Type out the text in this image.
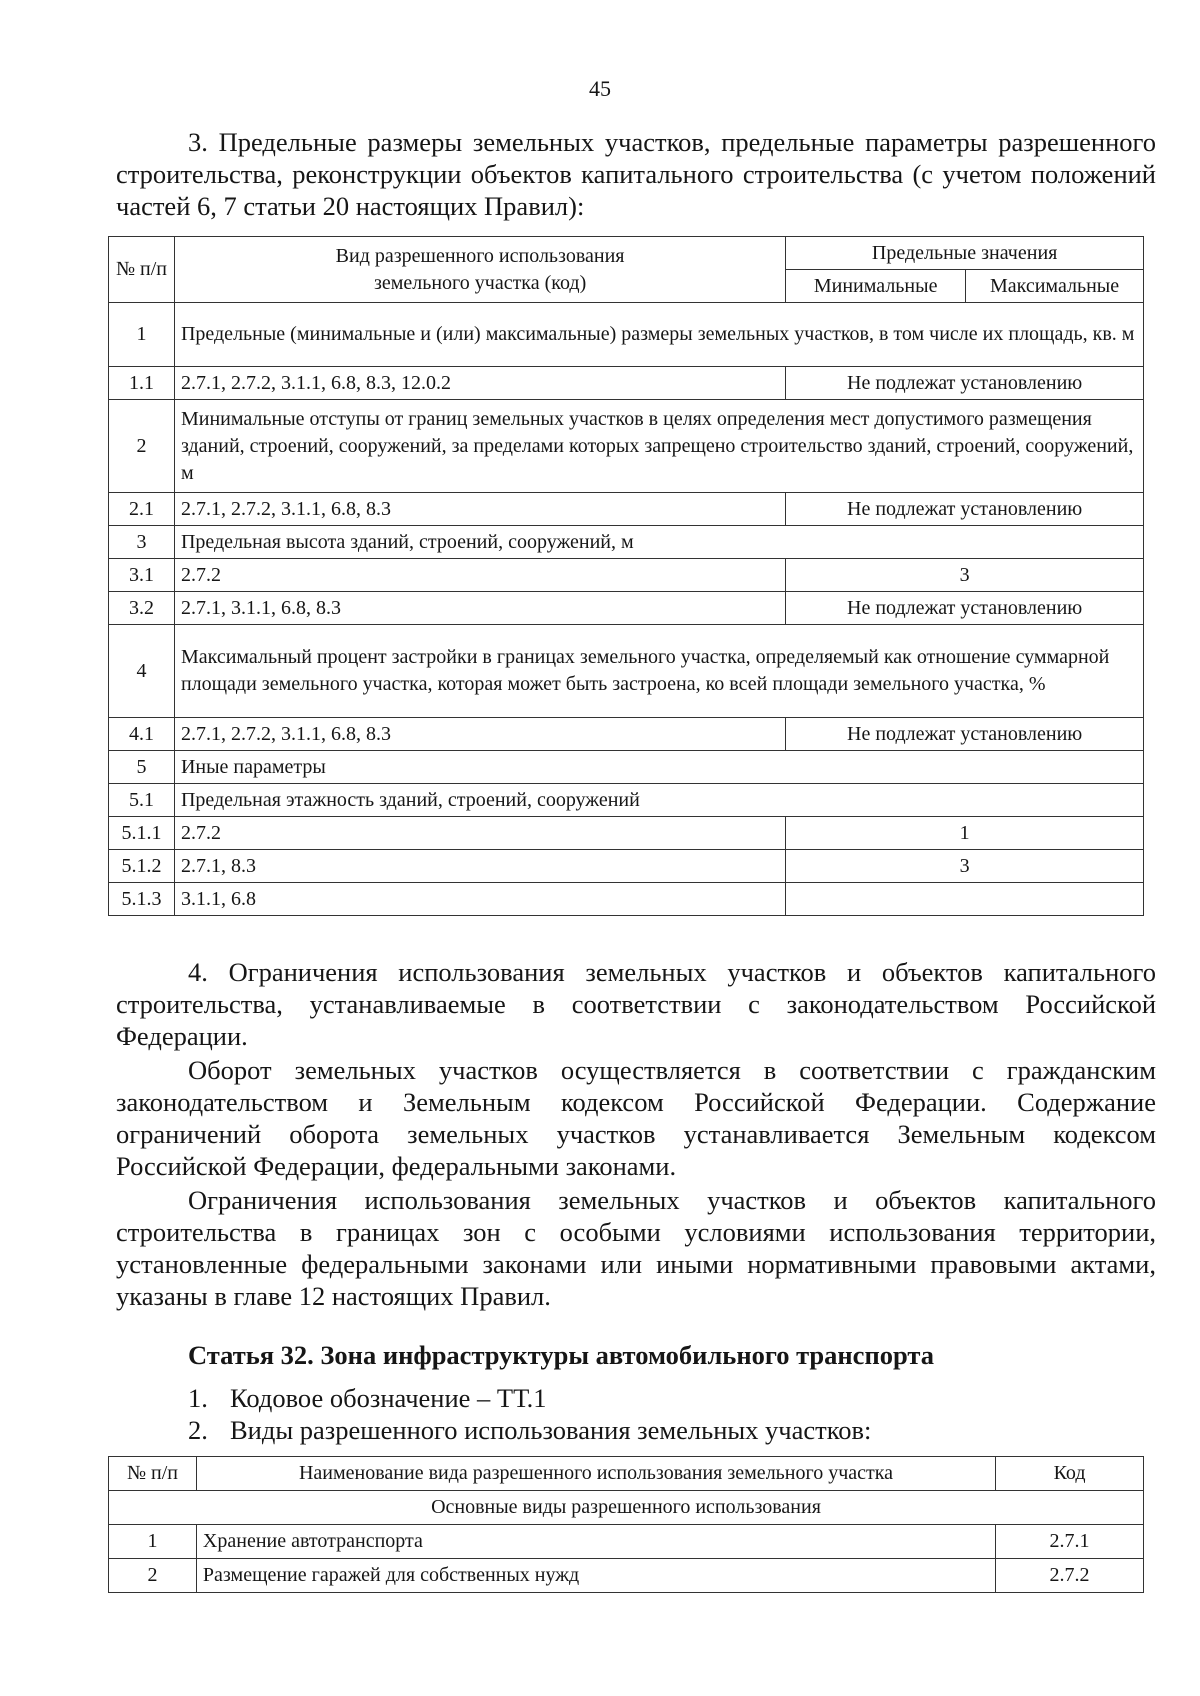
45

3. Предельные размеры земельных участков, предельные параметры разрешенного строительства, реконструкции объектов капитального строительства (с учетом положений частей 6, 7 статьи 20 настоящих Правил):

№ п/п	Вид разрешенного использования земельного участка (код)	Предельные значения	
		Минимальные	Максимальные
1	Предельные (минимальные и (или) максимальные) размеры земельных участков, в том числе их площадь, кв. м		
1.1	2.7.1, 2.7.2, 3.1.1, 6.8, 8.3, 12.0.2	Не подлежат установлению	
2	Минимальные отступы от границ земельных участков в целях определения мест допустимого размещения зданий, строений, сооружений, за пределами которых запрещено строительство зданий, строений, сооружений, м		
2.1	2.7.1, 2.7.2, 3.1.1, 6.8, 8.3	Не подлежат установлению	
3	Предельная высота зданий, строений, сооружений, м		
3.1	2.7.2	3	
3.2	2.7.1, 3.1.1, 6.8, 8.3	Не подлежат установлению	
4	Максимальный процент застройки в границах земельного участка, определяемый как отношение суммарной площади земельного участка, которая может быть застроена, ко всей площади земельного участка, %		
4.1	2.7.1, 2.7.2, 3.1.1, 6.8, 8.3	Не подлежат установлению	
5	Иные параметры		
5.1	Предельная этажность зданий, строений, сооружений		
5.1.1	2.7.2	1	
5.1.2	2.7.1, 8.3	3	
5.1.3	3.1.1, 6.8		

4. Ограничения использования земельных участков и объектов капитального строительства, устанавливаемые в соответствии с законодательством Российской Федерации.

Оборот земельных участков осуществляется в соответствии с гражданским законодательством и Земельным кодексом Российской Федерации. Содержание ограничений оборота земельных участков устанавливается Земельным кодексом Российской Федерации, федеральными законами.

Ограничения использования земельных участков и объектов капитального строительства в границах зон с особыми условиями использования территории, установленные федеральными законами или иными нормативными правовыми актами, указаны в главе 12 настоящих Правил.

Статья 32. Зона инфраструктуры автомобильного транспорта

1. Кодовое обозначение – ТТ.1
2. Виды разрешенного использования земельных участков:
№ п/п	Наименование вида разрешенного использования земельного участка	Код
Основные виды разрешенного использования		
1	Хранение автотранспорта	2.7.1
2	Размещение гаражей для собственных нужд	2.7.2
